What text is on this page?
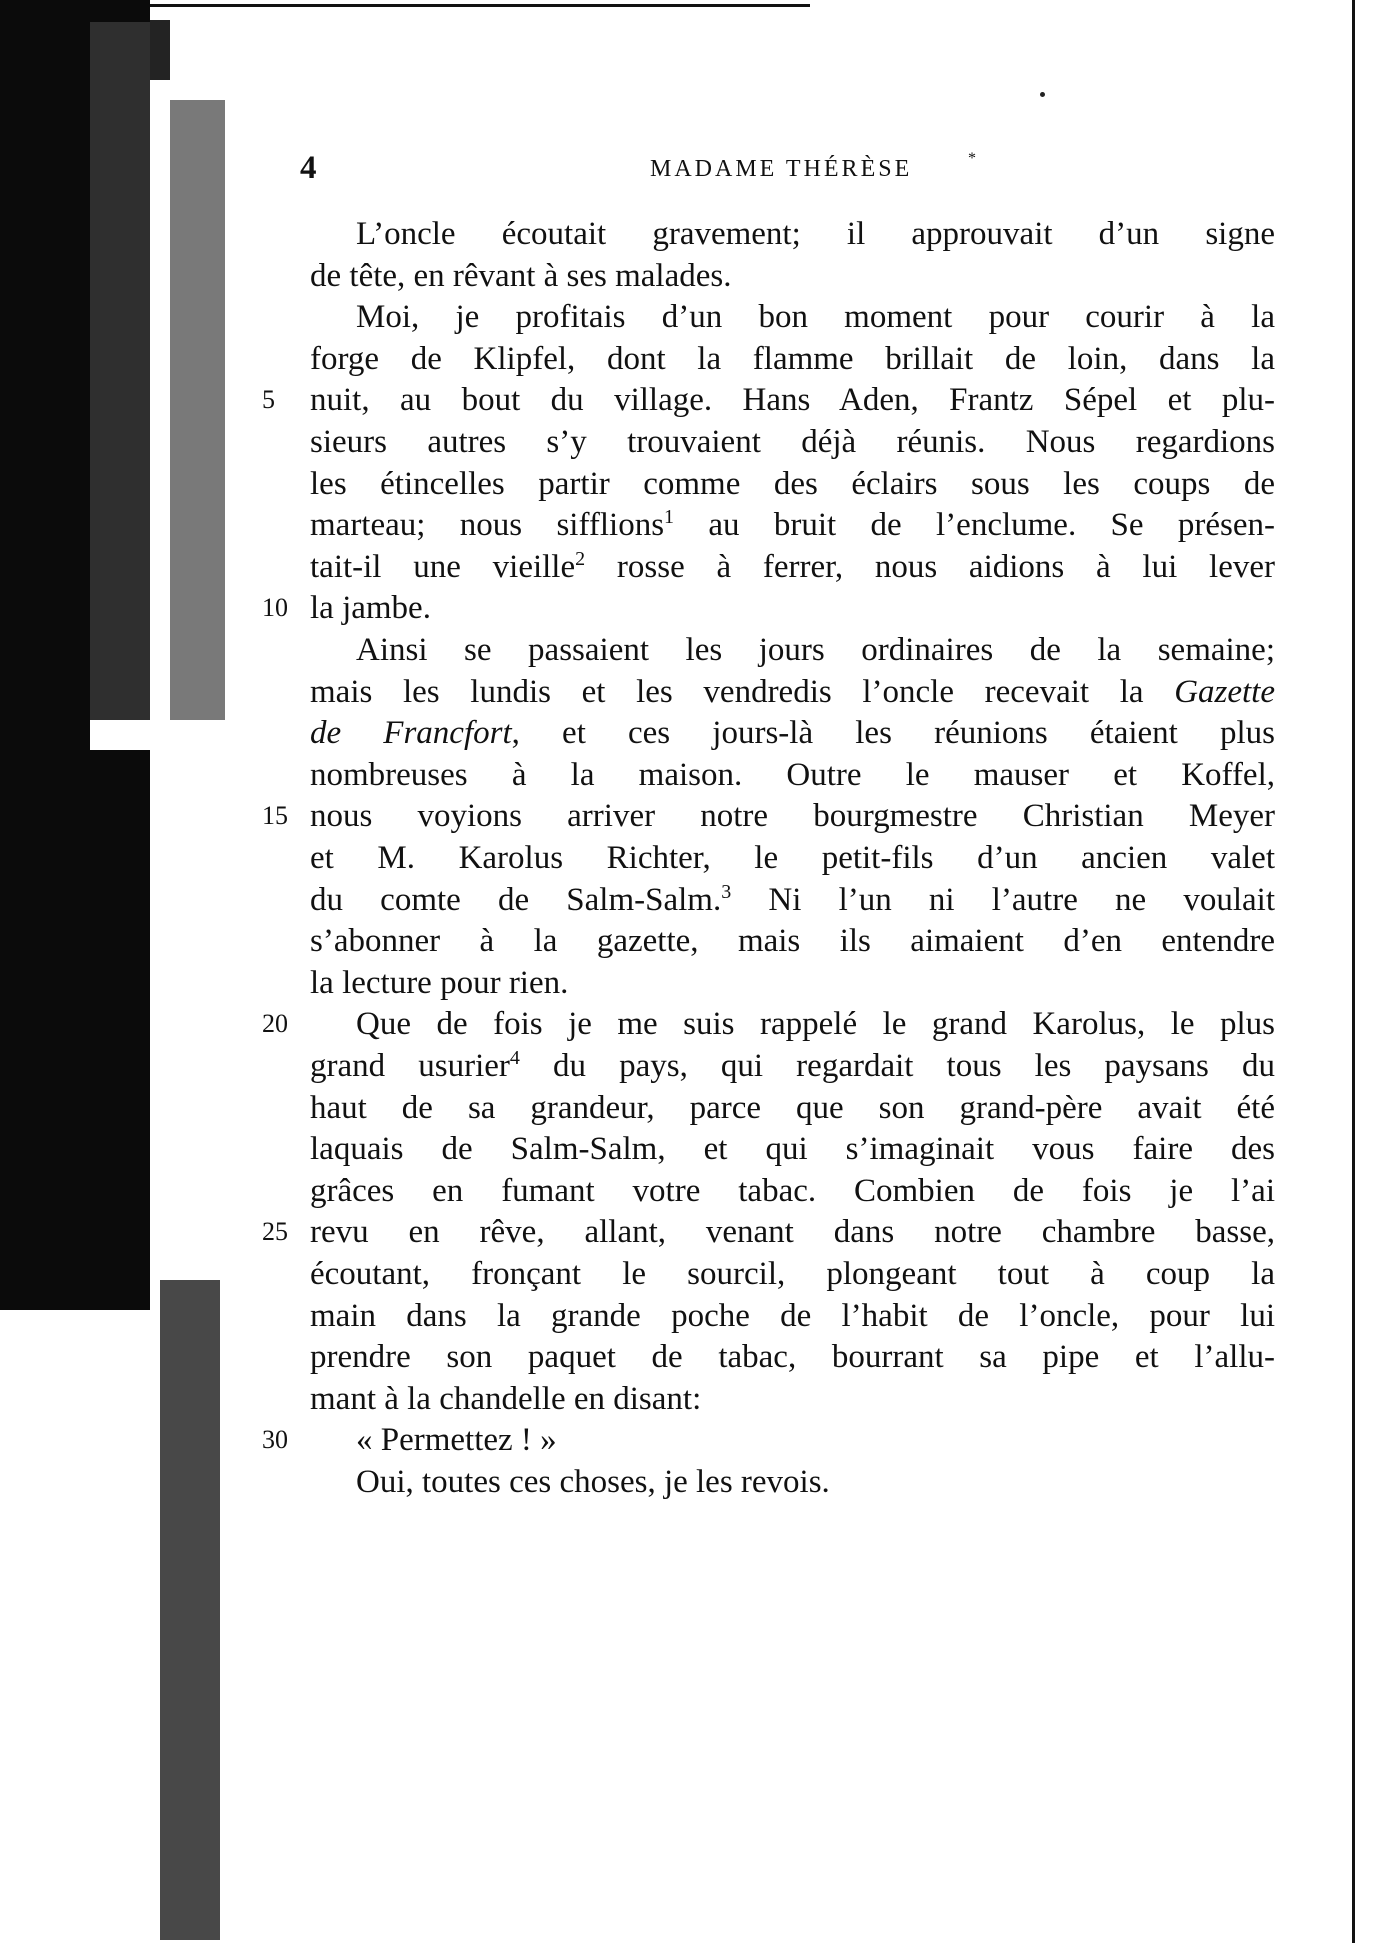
4	MADAME THÉRÈSE	*
L’oncle écoutait gravement; il approuvait d’un signe
de tête, en rêvant à ses malades.
Moi, je profitais d’un bon moment pour courir à la
forge de Klipfel, dont la flamme brillait de loin, dans la
nuit, au bout du village. Hans Aden, Frantz Sépel et plu-
5
sieurs autres s’y trouvaient déjà réunis. Nous regardions
les étincelles partir comme des éclairs sous les coups de
marteau; nous sifflions$^1$ au bruit de l’enclume. Se présen-
tait-il une vieille$^2$ rosse à ferrer, nous aidions à lui lever
la jambe.
10
Ainsi se passaient les jours ordinaires de la semaine;
mais les lundis et les vendredis l’oncle recevait la Gazette
de Francfort, et ces jours-là les réunions étaient plus
nombreuses à la maison. Outre le mauser et Koffel,
nous voyions arriver notre bourgmestre Christian Meyer
15
et M. Karolus Richter, le petit-fils d’un ancien valet
du comte de Salm-Salm.$^3$ Ni l’un ni l’autre ne voulait
s’abonner à la gazette, mais ils aimaient d’en entendre
la lecture pour rien.
Que de fois je me suis rappelé le grand Karolus, le plus
20
grand usurier$^4$ du pays, qui regardait tous les paysans du
haut de sa grandeur, parce que son grand-père avait été
laquais de Salm-Salm, et qui s’imaginait vous faire des
grâces en fumant votre tabac. Combien de fois je l’ai
revu en rêve, allant, venant dans notre chambre basse,
25
écoutant, fronçant le sourcil, plongeant tout à coup la
main dans la grande poche de l’habit de l’oncle, pour lui
prendre son paquet de tabac, bourrant sa pipe et l’allu-
mant à la chandelle en disant:
« Permettez ! »
30
Oui, toutes ces choses, je les revois.
